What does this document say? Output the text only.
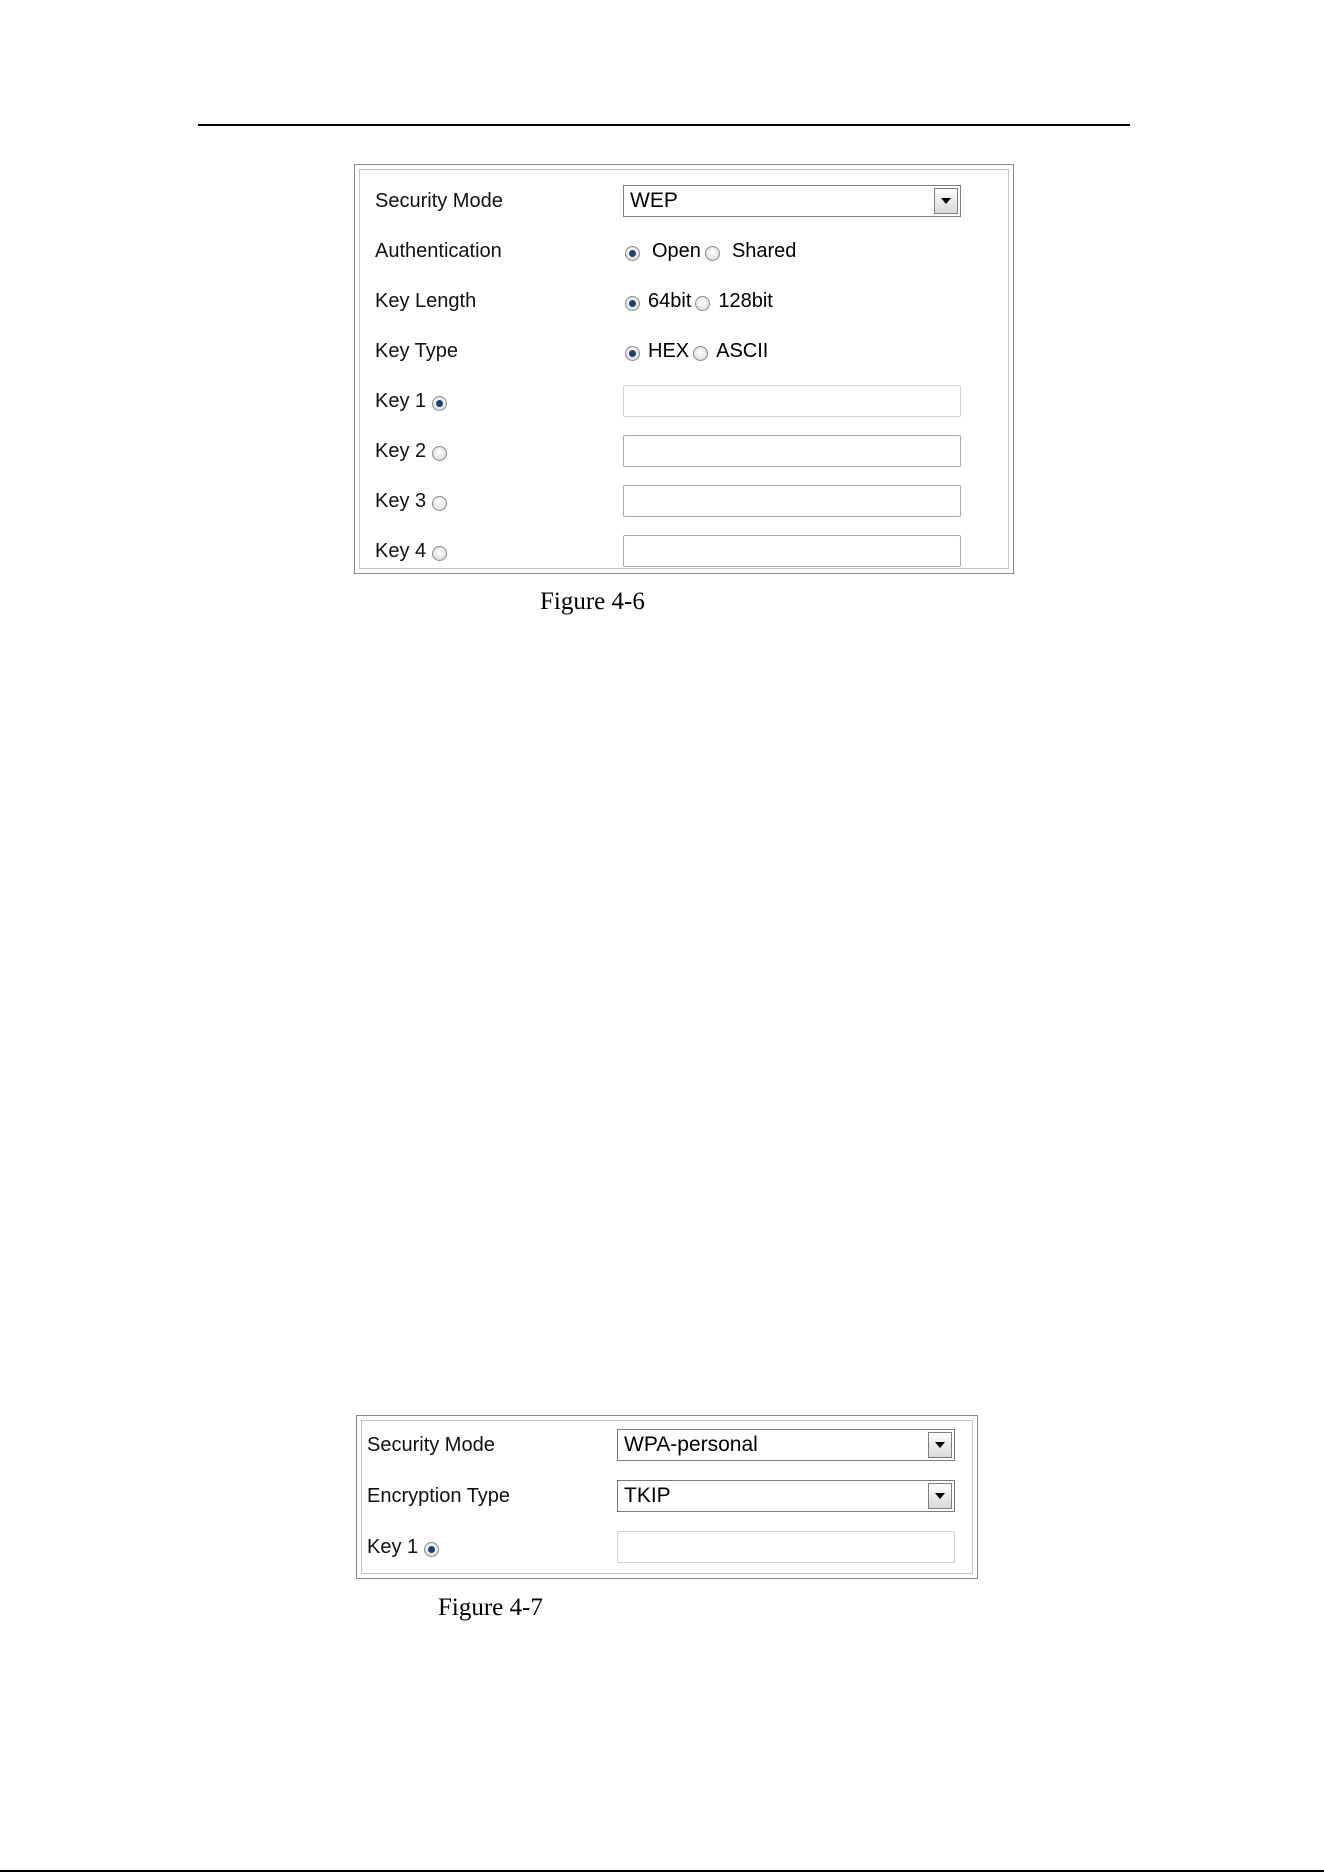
Security Mode	WEP
Authentication	Open Shared
Key Length	64bit 128bit
Key Type	HEX ASCII
Key 1
Key 2
Key 3
Key 4
Figure 4-6
Security Mode	WPA-personal
Encryption Type	TKIP
Key 1
Figure 4-7
